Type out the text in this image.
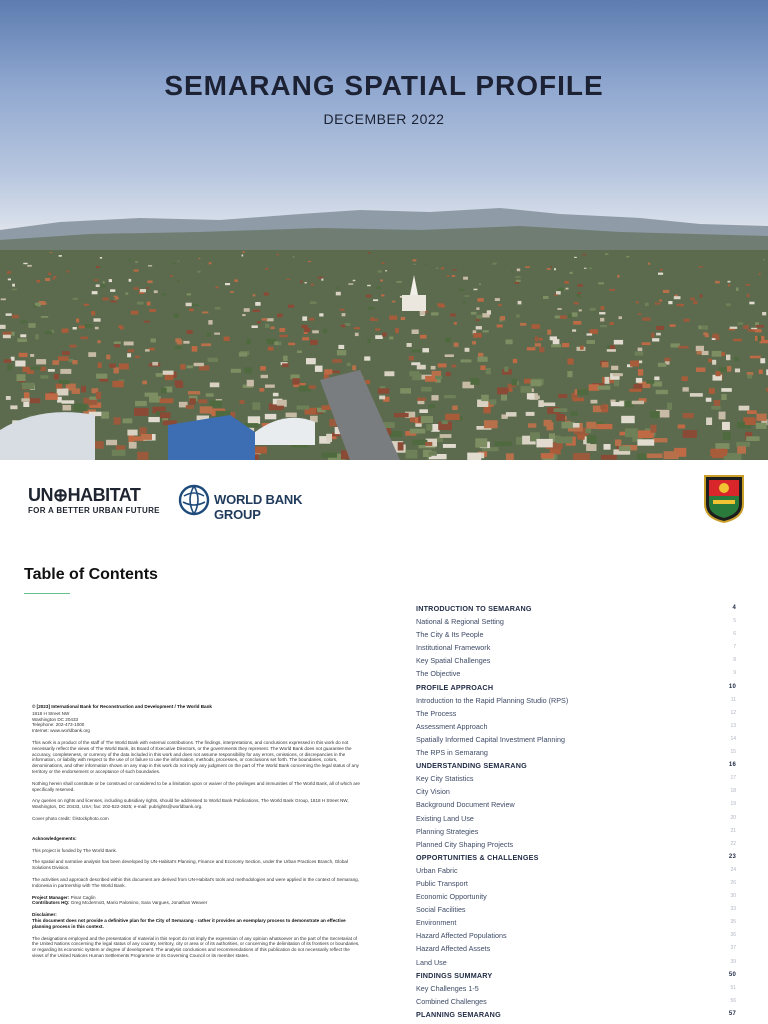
SEMARANG SPATIAL PROFILE
DECEMBER 2022
UN⊕HABITAT
FOR A BETTER URBAN FUTURE
WORLD BANK GROUP
Table of Contents
INTRODUCTION TO SEMARANG	4
National & Regional Setting	5
The City & Its People	6
Institutional Framework	7
Key Spatial Challenges	8
The Objective	9
PROFILE APPROACH	10
Introduction to the Rapid Planning Studio (RPS)	11
The Process	12
Assessment Approach	13
Spatially Informed Capital Investment Planning	14
The RPS in Semarang	15
UNDERSTANDING SEMARANG	16
Key City Statistics	17
City Vision	18
Background Document Review	19
Existing Land Use	20
Planning Strategies	21
Planned City Shaping Projects	22
OPPORTUNITIES & CHALLENGES	23
Urban Fabric	24
Public Transport	26
Economic Opportunity	30
Social Facilities	33
Environment	35
Hazard Affected Populations	36
Hazard Affected Assets	37
Land Use	39
FINDINGS SUMMARY	50
Key Challenges 1-5	51
Combined Challenges	56
PLANNING SEMARANG	57

© [2023] International Bank for Reconstruction and Development / The World Bank

1818 H Street NW
Washington DC 20433
Telephone: 202-473-1000
Internet: www.worldbank.org

This work is a product of the staff of The World Bank with external contributions. The findings, interpretations, and conclusions expressed in this work do not necessarily reflect the views of The World Bank, its Board of Executive Directors, or the governments they represent. The World Bank does not guarantee the accuracy, completeness, or currency of the data included in this work and does not assume responsibility for any errors, omissions, or discrepancies in the information, or liability with respect to the use of or failure to use the information, methods, processes, or conclusions set forth. The boundaries, colors, denominations, and other information shown on any map in this work do not imply any judgment on the part of The World Bank concerning the legal status of any territory or the endorsement or acceptance of such boundaries.

Nothing herein shall constitute or be construed or considered to be a limitation upon or waiver of the privileges and immunities of The World Bank, all of which are specifically reserved.

Any queries on rights and licenses, including subsidiary rights, should be addressed to World Bank Publications, The World Bank Group, 1818 H Street NW, Washington, DC 20433, USA; fax: 202-522-2625; e-mail: pubrights@worldbank.org.

Cover photo credit: ©istockphoto.com

Acknowledgements:

This project is funded by The World Bank.

The spatial and narrative analysis has been developed by UN-Habitat's Planning, Finance and Economy Section, under the Urban Practices Branch, Global Solutions Division.

The activities and approach described within this document are derived from UN-Habitat's tools and methodologies and were applied in the context of Semarang, Indonesia in partnership with The World Bank.

Project Manager: Pinar Caglin

Contributors HQ: Greg Mcdermott, Mario Palomino, Sara Vargues, Jonathan Weaver

Disclaimer:

This document does not provide a definitive plan for the City of Semarang - rather it provides an exemplary process to demonstrate an effective planning process in this context.

The designations employed and the presentation of material in this report do not imply the expression of any opinion whatsoever on the part of the Secretariat of the United Nations concerning the legal status of any country, territory, city or area or of its authorities, or concerning the delimitation of its frontiers or boundaries, or regarding its economic system or degree of development. The analysis conclusions and recommendations of this publication do not necessarily reflect the views of the United Nations Human Settlements Programme or its Governing Council or its member states.
